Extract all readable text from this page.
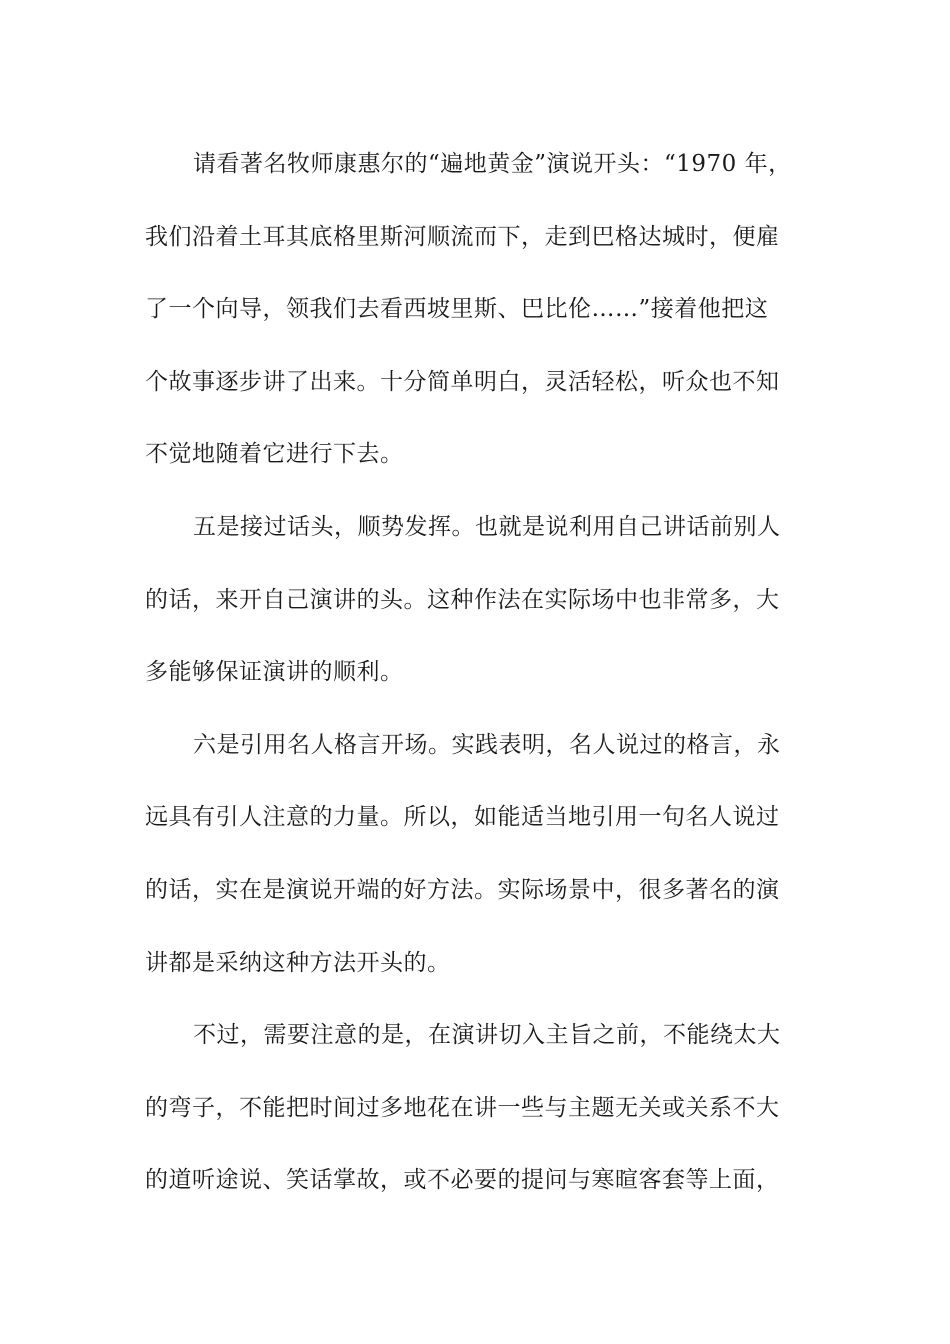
请看著名牧师康惠尔的“遍地黄金”演说开头：“1970 年，
我们沿着土耳其底格里斯河顺流而下，走到巴格达城时，便雇
了一个向导，领我们去看西坡里斯、巴比伦……”接着他把这
个故事逐步讲了出来。十分简单明白，灵活轻松，听众也不知
不觉地随着它进行下去。
五是接过话头，顺势发挥。也就是说利用自己讲话前别人
的话，来开自己演讲的头。这种作法在实际场中也非常多，大
多能够保证演讲的顺利。
六是引用名人格言开场。实践表明，名人说过的格言，永
远具有引人注意的力量。所以，如能适当地引用一句名人说过
的话，实在是演说开端的好方法。实际场景中，很多著名的演
讲都是采纳这种方法开头的。
不过，需要注意的是，在演讲切入主旨之前，不能绕太大
的弯子，不能把时间过多地花在讲一些与主题无关或关系不大
的道听途说、笑话掌故，或不必要的提问与寒暄客套等上面，
